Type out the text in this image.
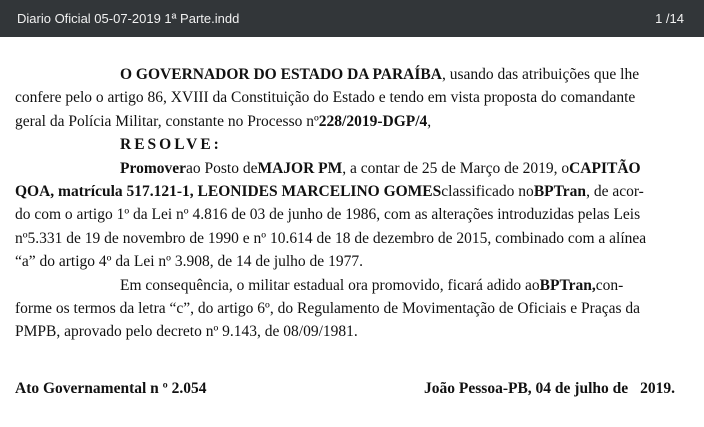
Diario Oficial 05-07-2019 1ª Parte.indd	1 /14
O GOVERNADOR DO ESTADO DA PARAÍBA , usando das atribuições que lhe
confere pelo o artigo 86, XVIII da Constituição do Estado e tendo em vista proposta do comandante
geral da Polícia Militar, constante no Processo nº 228/2019-DGP/4 ,
RESOLVE:
Promover ao Posto de MAJOR PM , a contar de 25 de Março de 2019, o CAPITÃO
QOA, matrícula 517.121-1, LEONIDES MARCELINO GOMES classificado no BPTran , de acor-
do com o artigo 1º da Lei nº 4.816 de 03 de junho de 1986, com as alterações introduzidas pelas Leis
nº5.331 de 19 de novembro de 1990 e nº 10.614 de 18 de dezembro de 2015, combinado com a alínea
“a” do artigo 4º da Lei nº 3.908, de 14 de julho de 1977.
Em consequência, o militar estadual ora promovido, ficará adido ao BPTran, con-
forme os termos da letra “c”, do artigo 6º, do Regulamento de Movimentação de Oficiais e Praças da
PMPB, aprovado pelo decreto nº 9.143, de 08/09/1981.
Ato Governamental n º 2.054	João Pessoa-PB, 04 de julho de 2019.
